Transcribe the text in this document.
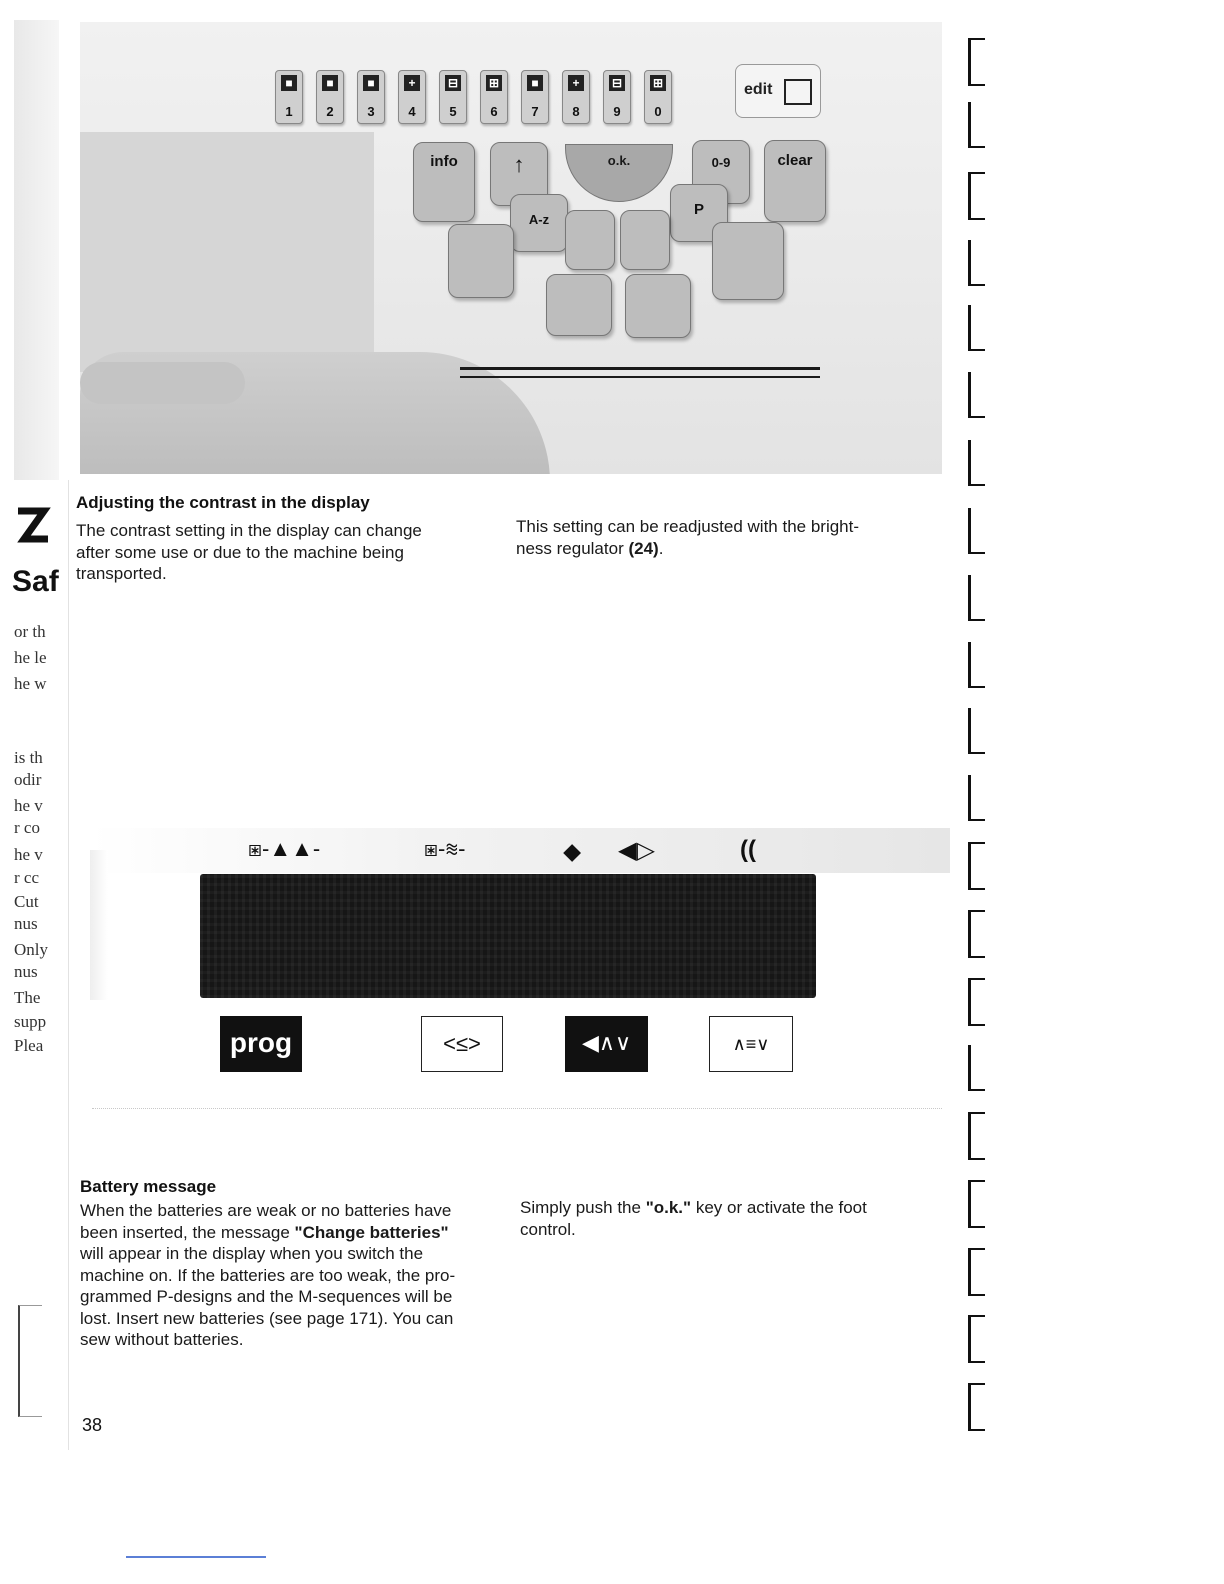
Saf
or th
he le
he w
is th
odir
he v
r co
he v
r cc
Cut
nus
Only
nus
The
supp
Plea
■
1
■
2
■
3
+
4
⊟
5
⊞
6
■
7
+
8
⊟
9
⊞
0
edit
info	↑	o.k.	0-9	clear
A-z
P
Adjusting the contrast in the display
The contrast setting in the display can change
after some use or due to the machine being
transported.
This setting can be readjusted with the bright-
ness regulator (24).
⧆-▲▲-	⧆-≋-	⬥ ◀▷	((
prog	<≤>	◀∧∨	∧≡∨
Battery message
When the batteries are weak or no batteries have
been inserted, the message "Change batteries"
will appear in the display when you switch the
machine on. If the batteries are too weak, the pro-
grammed P-designs and the M-sequences will be
lost. Insert new batteries (see page 171). You can
sew without batteries.
Simply push the "o.k." key or activate the foot
control.
38
